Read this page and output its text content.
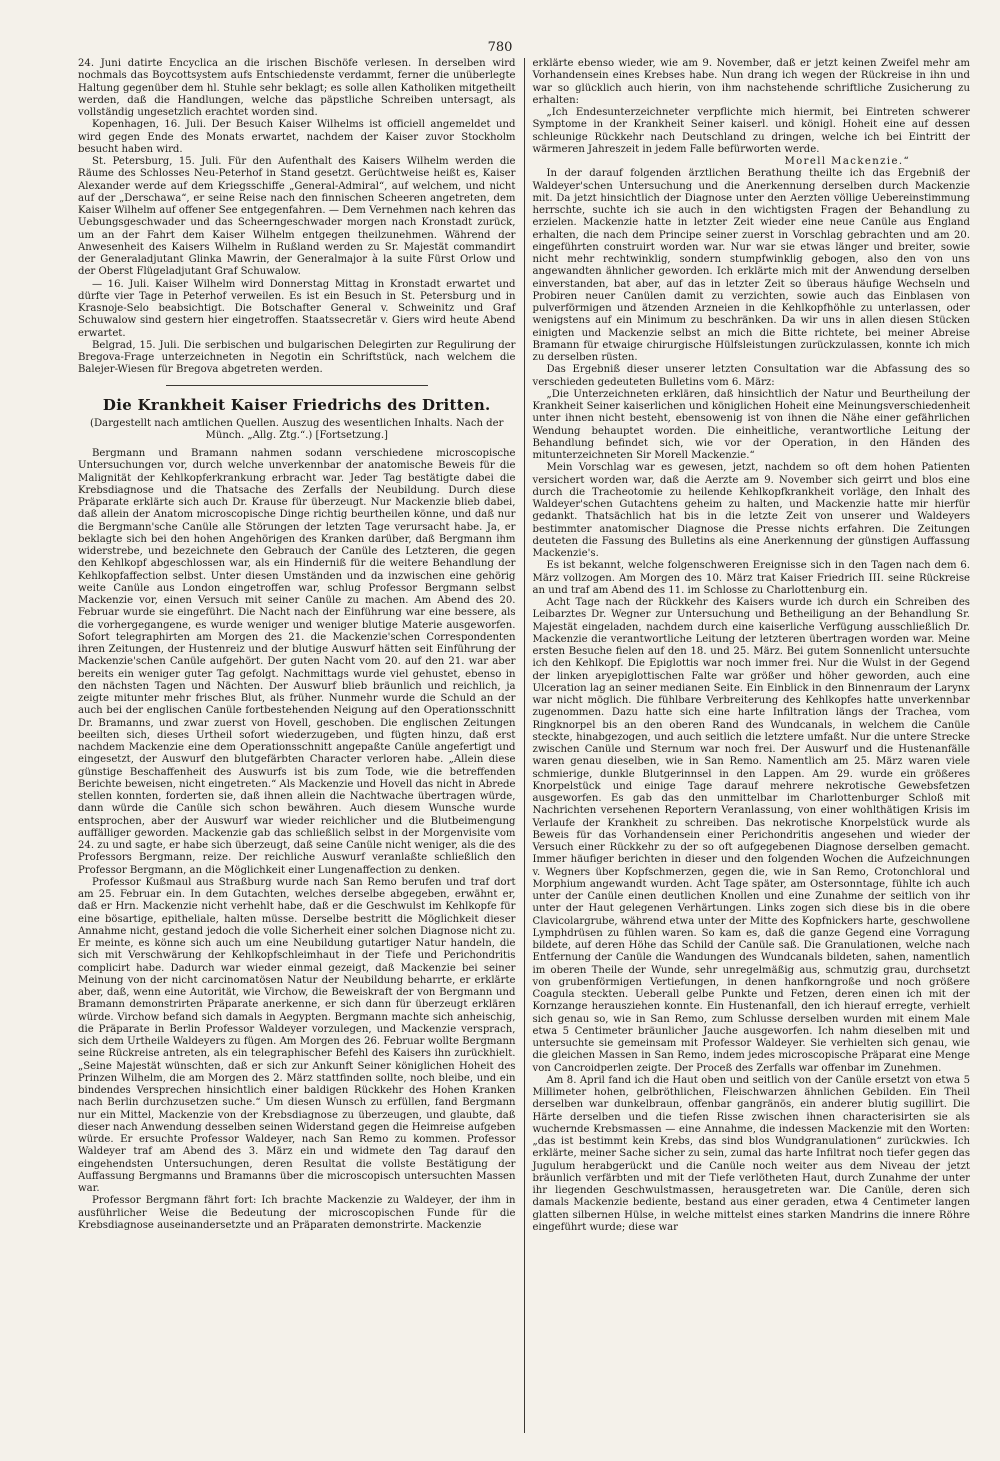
780

24. Juni datirte Encyclica an die irischen Bischöfe verlesen. In derselben wird nochmals das Boycottsystem aufs Entschiedenste verdammt, ferner die unüberlegte Haltung gegenüber dem hl. Stuhle sehr beklagt; es solle allen Katholiken mitgetheilt werden, daß die Handlungen, welche das päpstliche Schreiben untersagt, als vollständig ungesetzlich erachtet worden sind.

Kopenhagen, 16. Juli. Der Besuch Kaiser Wilhelms ist officiell angemeldet und wird gegen Ende des Monats erwartet, nachdem der Kaiser zuvor Stockholm besucht haben wird.

St. Petersburg, 15. Juli. Für den Aufenthalt des Kaisers Wilhelm werden die Räume des Schlosses Neu-Peterhof in Stand gesetzt. Gerüchtweise heißt es, Kaiser Alexander werde auf dem Kriegsschiffe „General-Admiral“, auf welchem, und nicht auf der „Derschawa“, er seine Reise nach den finnischen Scheeren angetreten, dem Kaiser Wilhelm auf offener See entgegenfahren. — Dem Vernehmen nach kehren das Uebungsgeschwader und das Scheerngeschwader morgen nach Kronstadt zurück, um an der Fahrt dem Kaiser Wilhelm entgegen theilzunehmen. Während der Anwesenheit des Kaisers Wilhelm in Rußland werden zu Sr. Majestät commandirt der Generaladjutant Glinka Mawrin, der Generalmajor à la suite Fürst Orlow und der Oberst Flügeladjutant Graf Schuwalow.

— 16. Juli. Kaiser Wilhelm wird Donnerstag Mittag in Kronstadt erwartet und dürfte vier Tage in Peterhof verweilen. Es ist ein Besuch in St. Petersburg und in Krasnoje-Selo beabsichtigt. Die Botschafter General v. Schweinitz und Graf Schuwalow sind gestern hier eingetroffen. Staatssecretär v. Giers wird heute Abend erwartet.

Belgrad, 15. Juli. Die serbischen und bulgarischen Delegirten zur Regulirung der Bregova-Frage unterzeichneten in Negotin ein Schriftstück, nach welchem die Balejer-Wiesen für Bregova abgetreten werden.

Die Krankheit Kaiser Friedrichs des Dritten.

(Dargestellt nach amtlichen Quellen. Auszug des wesentlichen Inhalts. Nach der Münch. „Allg. Ztg.“.) [Fortsetzung.]

Bergmann und Bramann nahmen sodann verschiedene microscopische Untersuchungen vor, durch welche unverkennbar der anatomische Beweis für die Malignität der Kehlkopferkrankung erbracht war. Jeder Tag bestätigte dabei die Krebsdiagnose und die Thatsache des Zerfalls der Neubildung. Durch diese Präparate erklärte sich auch Dr. Krause für überzeugt. Nur Mackenzie blieb dabei, daß allein der Anatom microscopische Dinge richtig beurtheilen könne, und daß nur die Bergmann'sche Canüle alle Störungen der letzten Tage verursacht habe. Ja, er beklagte sich bei den hohen Angehörigen des Kranken darüber, daß Bergmann ihm widerstrebe, und bezeichnete den Gebrauch der Canüle des Letzteren, die gegen den Kehlkopf abgeschlossen war, als ein Hinderniß für die weitere Behandlung der Kehlkopfaffection selbst. Unter diesen Umständen und da inzwischen eine gehörig weite Canüle aus London eingetroffen war, schlug Professor Bergmann selbst Mackenzie vor, einen Versuch mit seiner Canüle zu machen. Am Abend des 20. Februar wurde sie eingeführt. Die Nacht nach der Einführung war eine bessere, als die vorhergegangene, es wurde weniger und weniger blutige Materie ausgeworfen. Sofort telegraphirten am Morgen des 21. die Mackenzie'schen Correspondenten ihren Zeitungen, der Hustenreiz und der blutige Auswurf hätten seit Einführung der Mackenzie'schen Canüle aufgehört. Der guten Nacht vom 20. auf den 21. war aber bereits ein weniger guter Tag gefolgt. Nachmittags wurde viel gehustet, ebenso in den nächsten Tagen und Nächten. Der Auswurf blieb bräunlich und reichlich, ja zeigte mitunter mehr frisches Blut, als früher. Nunmehr wurde die Schuld an der auch bei der englischen Canüle fortbestehenden Neigung auf den Operationsschnitt Dr. Bramanns, und zwar zuerst von Hovell, geschoben. Die englischen Zeitungen beeilten sich, dieses Urtheil sofort wiederzugeben, und fügten hinzu, daß erst nachdem Mackenzie eine dem Operationsschnitt angepaßte Canüle angefertigt und eingesetzt, der Auswurf den blutgefärbten Character verloren habe. „Allein diese günstige Beschaffenheit des Auswurfs ist bis zum Tode, wie die betreffenden Berichte beweisen, nicht eingetreten.“ Als Mackenzie und Hovell das nicht in Abrede stellen konnten, forderten sie, daß ihnen allein die Nachtwache übertragen würde, dann würde die Canüle sich schon bewähren. Auch diesem Wunsche wurde entsprochen, aber der Auswurf war wieder reichlicher und die Blutbeimengung auffälliger geworden. Mackenzie gab das schließlich selbst in der Morgenvisite vom 24. zu und sagte, er habe sich überzeugt, daß seine Canüle nicht weniger, als die des Professors Bergmann, reize. Der reichliche Auswurf veranlaßte schließlich den Professor Bergmann, an die Möglichkeit einer Lungenaffection zu denken.

Professor Kußmaul aus Straßburg wurde nach San Remo berufen und traf dort am 25. Februar ein. In dem Gutachten, welches derselbe abgegeben, erwähnt er, daß er Hrn. Mackenzie nicht verhehlt habe, daß er die Geschwulst im Kehlkopfe für eine bösartige, epitheliale, halten müsse. Derselbe bestritt die Möglichkeit dieser Annahme nicht, gestand jedoch die volle Sicherheit einer solchen Diagnose nicht zu. Er meinte, es könne sich auch um eine Neubildung gutartiger Natur handeln, die sich mit Verschwärung der Kehlkopfschleimhaut in der Tiefe und Perichondritis complicirt habe. Dadurch war wieder einmal gezeigt, daß Mackenzie bei seiner Meinung von der nicht carcinomatösen Natur der Neubildung beharrte, er erklärte aber, daß, wenn eine Autorität, wie Virchow, die Beweiskraft der von Bergmann und Bramann demonstrirten Präparate anerkenne, er sich dann für überzeugt erklären würde. Virchow befand sich damals in Aegypten. Bergmann machte sich anheischig, die Präparate in Berlin Professor Waldeyer vorzulegen, und Mackenzie versprach, sich dem Urtheile Waldeyers zu fügen. Am Morgen des 26. Februar wollte Bergmann seine Rückreise antreten, als ein telegraphischer Befehl des Kaisers ihn zurückhielt. „Seine Majestät wünschten, daß er sich zur Ankunft Seiner königlichen Hoheit des Prinzen Wilhelm, die am Morgen des 2. März stattfinden sollte, noch bleibe, und ein bindendes Versprechen hinsichtlich einer baldigen Rückkehr des Hohen Kranken nach Berlin durchzusetzen suche.“ Um diesen Wunsch zu erfüllen, fand Bergmann nur ein Mittel, Mackenzie von der Krebsdiagnose zu überzeugen, und glaubte, daß dieser nach Anwendung desselben seinen Widerstand gegen die Heimreise aufgeben würde. Er ersuchte Professor Waldeyer, nach San Remo zu kommen. Professor Waldeyer traf am Abend des 3. März ein und widmete den Tag darauf den eingehendsten Untersuchungen, deren Resultat die vollste Bestätigung der Auffassung Bergmanns und Bramanns über die microscopisch untersuchten Massen war.

Professor Bergmann fährt fort: Ich brachte Mackenzie zu Waldeyer, der ihm in ausführlicher Weise die Bedeutung der microscopischen Funde für die Krebsdiagnose auseinandersetzte und an Präparaten demonstrirte. Mackenzie

erklärte ebenso wieder, wie am 9. November, daß er jetzt keinen Zweifel mehr am Vorhandensein eines Krebses habe. Nun drang ich wegen der Rückreise in ihn und war so glücklich auch hierin, von ihm nachstehende schriftliche Zusicherung zu erhalten:

„Ich Endesunterzeichneter verpflichte mich hiermit, bei Eintreten schwerer Symptome in der Krankheit Seiner kaiserl. und königl. Hoheit eine auf dessen schleunige Rückkehr nach Deutschland zu dringen, welche ich bei Eintritt der wärmeren Jahreszeit in jedem Falle befürworten werde.

Morell Mackenzie.“

In der darauf folgenden ärztlichen Berathung theilte ich das Ergebniß der Waldeyer'schen Untersuchung und die Anerkennung derselben durch Mackenzie mit. Da jetzt hinsichtlich der Diagnose unter den Aerzten völlige Uebereinstimmung herrschte, suchte ich sie auch in den wichtigsten Fragen der Behandlung zu erzielen. Mackenzie hatte in letzter Zeit wieder eine neue Canüle aus England erhalten, die nach dem Principe seiner zuerst in Vorschlag gebrachten und am 20. eingeführten construirt worden war. Nur war sie etwas länger und breiter, sowie nicht mehr rechtwinklig, sondern stumpfwinklig gebogen, also den von uns angewandten ähnlicher geworden. Ich erklärte mich mit der Anwendung derselben einverstanden, bat aber, auf das in letzter Zeit so überaus häufige Wechseln und Probiren neuer Canülen damit zu verzichten, sowie auch das Einblasen von pulverförmigen und ätzenden Arzneien in die Kehlkopfhöhle zu unterlassen, oder wenigstens auf ein Minimum zu beschränken. Da wir uns in allen diesen Stücken einigten und Mackenzie selbst an mich die Bitte richtete, bei meiner Abreise Bramann für etwaige chirurgische Hülfsleistungen zurückzulassen, konnte ich mich zu derselben rüsten.

Das Ergebniß dieser unserer letzten Consultation war die Abfassung des so verschieden gedeuteten Bulletins vom 6. März:

„Die Unterzeichneten erklären, daß hinsichtlich der Natur und Beurtheilung der Krankheit Seiner kaiserlichen und königlichen Hoheit eine Meinungsverschiedenheit unter ihnen nicht besteht, ebensowenig ist von ihnen die Nähe einer gefährlichen Wendung behauptet worden. Die einheitliche, verantwortliche Leitung der Behandlung befindet sich, wie vor der Operation, in den Händen des mitunterzeichneten Sir Morell Mackenzie.“

Mein Vorschlag war es gewesen, jetzt, nachdem so oft dem hohen Patienten versichert worden war, daß die Aerzte am 9. November sich geirrt und blos eine durch die Tracheotomie zu heilende Kehlkopfkrankheit vorläge, den Inhalt des Waldeyer'schen Gutachtens geheim zu halten, und Mackenzie hatte mir hierfür gedankt. Thatsächlich hat bis in die letzte Zeit von unserer und Waldeyers bestimmter anatomischer Diagnose die Presse nichts erfahren. Die Zeitungen deuteten die Fassung des Bulletins als eine Anerkennung der günstigen Auffassung Mackenzie's.

Es ist bekannt, welche folgenschweren Ereignisse sich in den Tagen nach dem 6. März vollzogen. Am Morgen des 10. März trat Kaiser Friedrich III. seine Rückreise an und traf am Abend des 11. im Schlosse zu Charlottenburg ein.

Acht Tage nach der Rückkehr des Kaisers wurde ich durch ein Schreiben des Leibarztes Dr. Wegner zur Untersuchung und Betheiligung an der Behandlung Sr. Majestät eingeladen, nachdem durch eine kaiserliche Verfügung ausschließlich Dr. Mackenzie die verantwortliche Leitung der letzteren übertragen worden war. Meine ersten Besuche fielen auf den 18. und 25. März. Bei gutem Sonnenlicht untersuchte ich den Kehlkopf. Die Epiglottis war noch immer frei. Nur die Wulst in der Gegend der linken aryepiglottischen Falte war größer und höher geworden, auch eine Ulceration lag an seiner medianen Seite. Ein Einblick in den Binnenraum der Larynx war nicht möglich. Die fühlbare Verbreiterung des Kehlkopfes hatte unverkennbar zugenommen. Dazu hatte sich eine harte Infiltration längs der Trachea, vom Ringknorpel bis an den oberen Rand des Wundcanals, in welchem die Canüle steckte, hinabgezogen, und auch seitlich die letztere umfaßt. Nur die untere Strecke zwischen Canüle und Sternum war noch frei. Der Auswurf und die Hustenanfälle waren genau dieselben, wie in San Remo. Namentlich am 25. März waren viele schmierige, dunkle Blutgerinnsel in den Lappen. Am 29. wurde ein größeres Knorpelstück und einige Tage darauf mehrere nekrotische Gewebsfetzen ausgeworfen. Es gab das den unmittelbar im Charlottenburger Schloß mit Nachrichten versehenen Reportern Veranlassung, von einer wohlthätigen Krisis im Verlaufe der Krankheit zu schreiben. Das nekrotische Knorpelstück wurde als Beweis für das Vorhandensein einer Perichondritis angesehen und wieder der Versuch einer Rückkehr zu der so oft aufgegebenen Diagnose derselben gemacht. Immer häufiger berichten in dieser und den folgenden Wochen die Aufzeichnungen v. Wegners über Kopfschmerzen, gegen die, wie in San Remo, Crotonchloral und Morphium angewandt wurden. Acht Tage später, am Ostersonntage, fühlte ich auch unter der Canüle einen deutlichen Knollen und eine Zunahme der seitlich von ihr unter der Haut gelegenen Verhärtungen. Links zogen sich diese bis in die obere Clavicolargrube, während etwa unter der Mitte des Kopfnickers harte, geschwollene Lymphdrüsen zu fühlen waren. So kam es, daß die ganze Gegend eine Vorragung bildete, auf deren Höhe das Schild der Canüle saß. Die Granulationen, welche nach Entfernung der Canüle die Wandungen des Wundcanals bildeten, sahen, namentlich im oberen Theile der Wunde, sehr unregelmäßig aus, schmutzig grau, durchsetzt von grubenförmigen Vertiefungen, in denen hanfkorngroße und noch größere Coagula steckten. Ueberall gelbe Punkte und Fetzen, deren einen ich mit der Kornzange herausziehen konnte. Ein Hustenanfall, den ich hierauf erregte, verhielt sich genau so, wie in San Remo, zum Schlusse derselben wurden mit einem Male etwa 5 Centimeter bräunlicher Jauche ausgeworfen. Ich nahm dieselben mit und untersuchte sie gemeinsam mit Professor Waldeyer. Sie verhielten sich genau, wie die gleichen Massen in San Remo, indem jedes microscopische Präparat eine Menge von Cancroidperlen zeigte. Der Proceß des Zerfalls war offenbar im Zunehmen.

Am 8. April fand ich die Haut oben und seitlich von der Canüle ersetzt von etwa 5 Millimeter hohen, gelbröthlichen, Fleischwarzen ähnlichen Gebilden. Ein Theil derselben war dunkelbraun, offenbar gangränös, ein anderer blutig sugillirt. Die Härte derselben und die tiefen Risse zwischen ihnen characterisirten sie als wuchernde Krebsmassen — eine Annahme, die indessen Mackenzie mit den Worten: „das ist bestimmt kein Krebs, das sind blos Wundgranulationen“ zurückwies. Ich erklärte, meiner Sache sicher zu sein, zumal das harte Infiltrat noch tiefer gegen das Jugulum herabgerückt und die Canüle noch weiter aus dem Niveau der jetzt bräunlich verfärbten und mit der Tiefe verlötheten Haut, durch Zunahme der unter ihr liegenden Geschwulstmassen, herausgetreten war. Die Canüle, deren sich damals Mackenzie bediente, bestand aus einer geraden, etwa 4 Centimeter langen glatten silbernen Hülse, in welche mittelst eines starken Mandrins die innere Röhre eingeführt wurde; diese war
